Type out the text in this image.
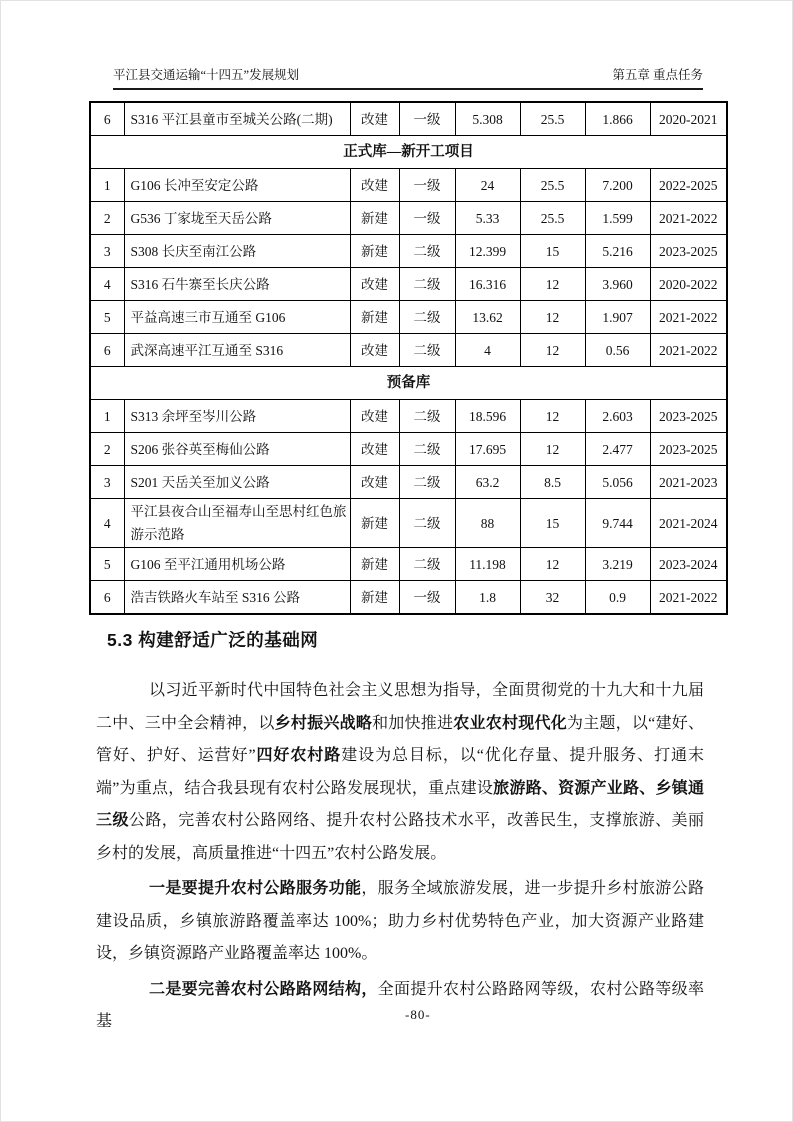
平江县交通运输“十四五”发展规划	第五章 重点任务
6	S316 平江县童市至城关公路(二期)	改建	一级	5.308	25.5	1.866	2020-2021
正式库—新开工项目							
1	G106 长冲至安定公路	改建	一级	24	25.5	7.200	2022-2025
2	G536 丁家垅至天岳公路	新建	一级	5.33	25.5	1.599	2021-2022
3	S308 长庆至南江公路	新建	二级	12.399	15	5.216	2023-2025
4	S316 石牛寨至长庆公路	改建	二级	16.316	12	3.960	2020-2022
5	平益高速三市互通至 G106	新建	二级	13.62	12	1.907	2021-2022
6	武深高速平江互通至 S316	改建	二级	4	12	0.56	2021-2022
预备库							
1	S313 余坪至岑川公路	改建	二级	18.596	12	2.603	2023-2025
2	S206 张谷英至梅仙公路	改建	二级	17.695	12	2.477	2023-2025
3	S201 天岳关至加义公路	改建	二级	63.2	8.5	5.056	2021-2023
4	平江县夜合山至福寿山至思村红色旅游示范路	新建	二级	88	15	9.744	2021-2024
5	G106 至平江通用机场公路	新建	二级	11.198	12	3.219	2023-2024
6	浩吉铁路火车站至 S316 公路	新建	一级	1.8	32	0.9	2021-2022
5.3 构建舒适广泛的基础网

以习近平新时代中国特色社会主义思想为指导，全面贯彻党的十九大和十九届二中、三中全会精神，以乡村振兴战略和加快推进农业农村现代化为主题，以“建好、管好、护好、运营好”四好农村路建设为总目标，以“优化存量、提升服务、打通末端”为重点，结合我县现有农村公路发展现状，重点建设旅游路、资源产业路、乡镇通三级公路，完善农村公路网络、提升农村公路技术水平，改善民生，支撑旅游、美丽乡村的发展，高质量推进“十四五”农村公路发展。

一是要提升农村公路服务功能，服务全域旅游发展，进一步提升乡村旅游公路建设品质，乡镇旅游路覆盖率达 100%；助力乡村优势特色产业，加大资源产业路建设，乡镇资源路产业路覆盖率达 100%。

二是要完善农村公路路网结构，全面提升农村公路路网等级，农村公路等级率基	-80-
